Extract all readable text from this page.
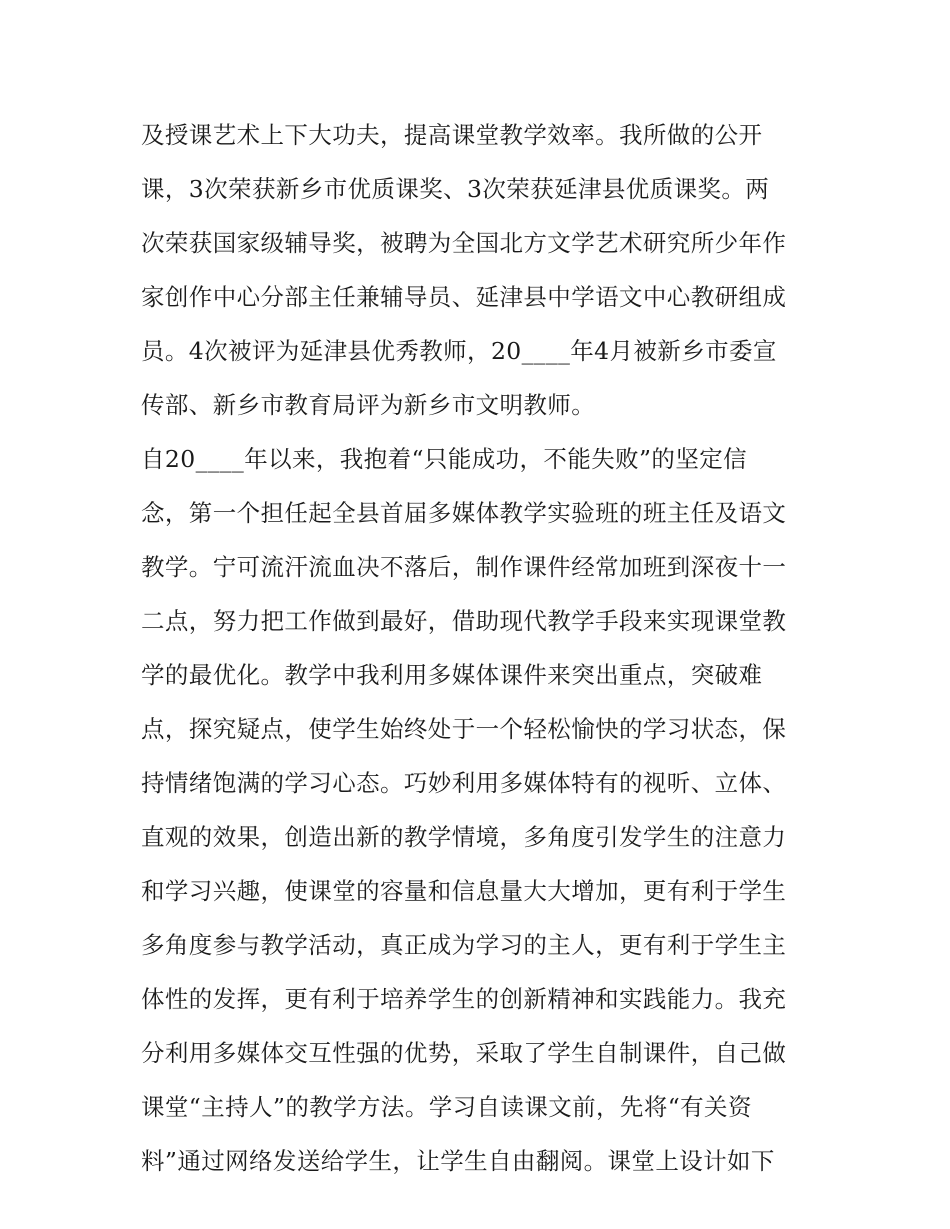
及授课艺术上下大功夫，提高课堂教学效率。我所做的公开
课，3次荣获新乡市优质课奖、3次荣获延津县优质课奖。两
次荣获国家级辅导奖，被聘为全国北方文学艺术研究所少年作
家创作中心分部主任兼辅导员、延津县中学语文中心教研组成
员。4次被评为延津县优秀教师，20____年4月被新乡市委宣
传部、新乡市教育局评为新乡市文明教师。
自20____年以来，我抱着“只能成功，不能失败”的坚定信
念，第一个担任起全县首届多媒体教学实验班的班主任及语文
教学。宁可流汗流血决不落后，制作课件经常加班到深夜十一
二点，努力把工作做到最好，借助现代教学手段来实现课堂教
学的最优化。教学中我利用多媒体课件来突出重点，突破难
点，探究疑点，使学生始终处于一个轻松愉快的学习状态，保
持情绪饱满的学习心态。巧妙利用多媒体特有的视听、立体、
直观的效果，创造出新的教学情境，多角度引发学生的注意力
和学习兴趣，使课堂的容量和信息量大大增加，更有利于学生
多角度参与教学活动，真正成为学习的主人，更有利于学生主
体性的发挥，更有利于培养学生的创新精神和实践能力。我充
分利用多媒体交互性强的优势，采取了学生自制课件，自己做
课堂“主持人”的教学方法。学习自读课文前，先将“有关资
料”通过网络发送给学生，让学生自由翻阅。课堂上设计如下
